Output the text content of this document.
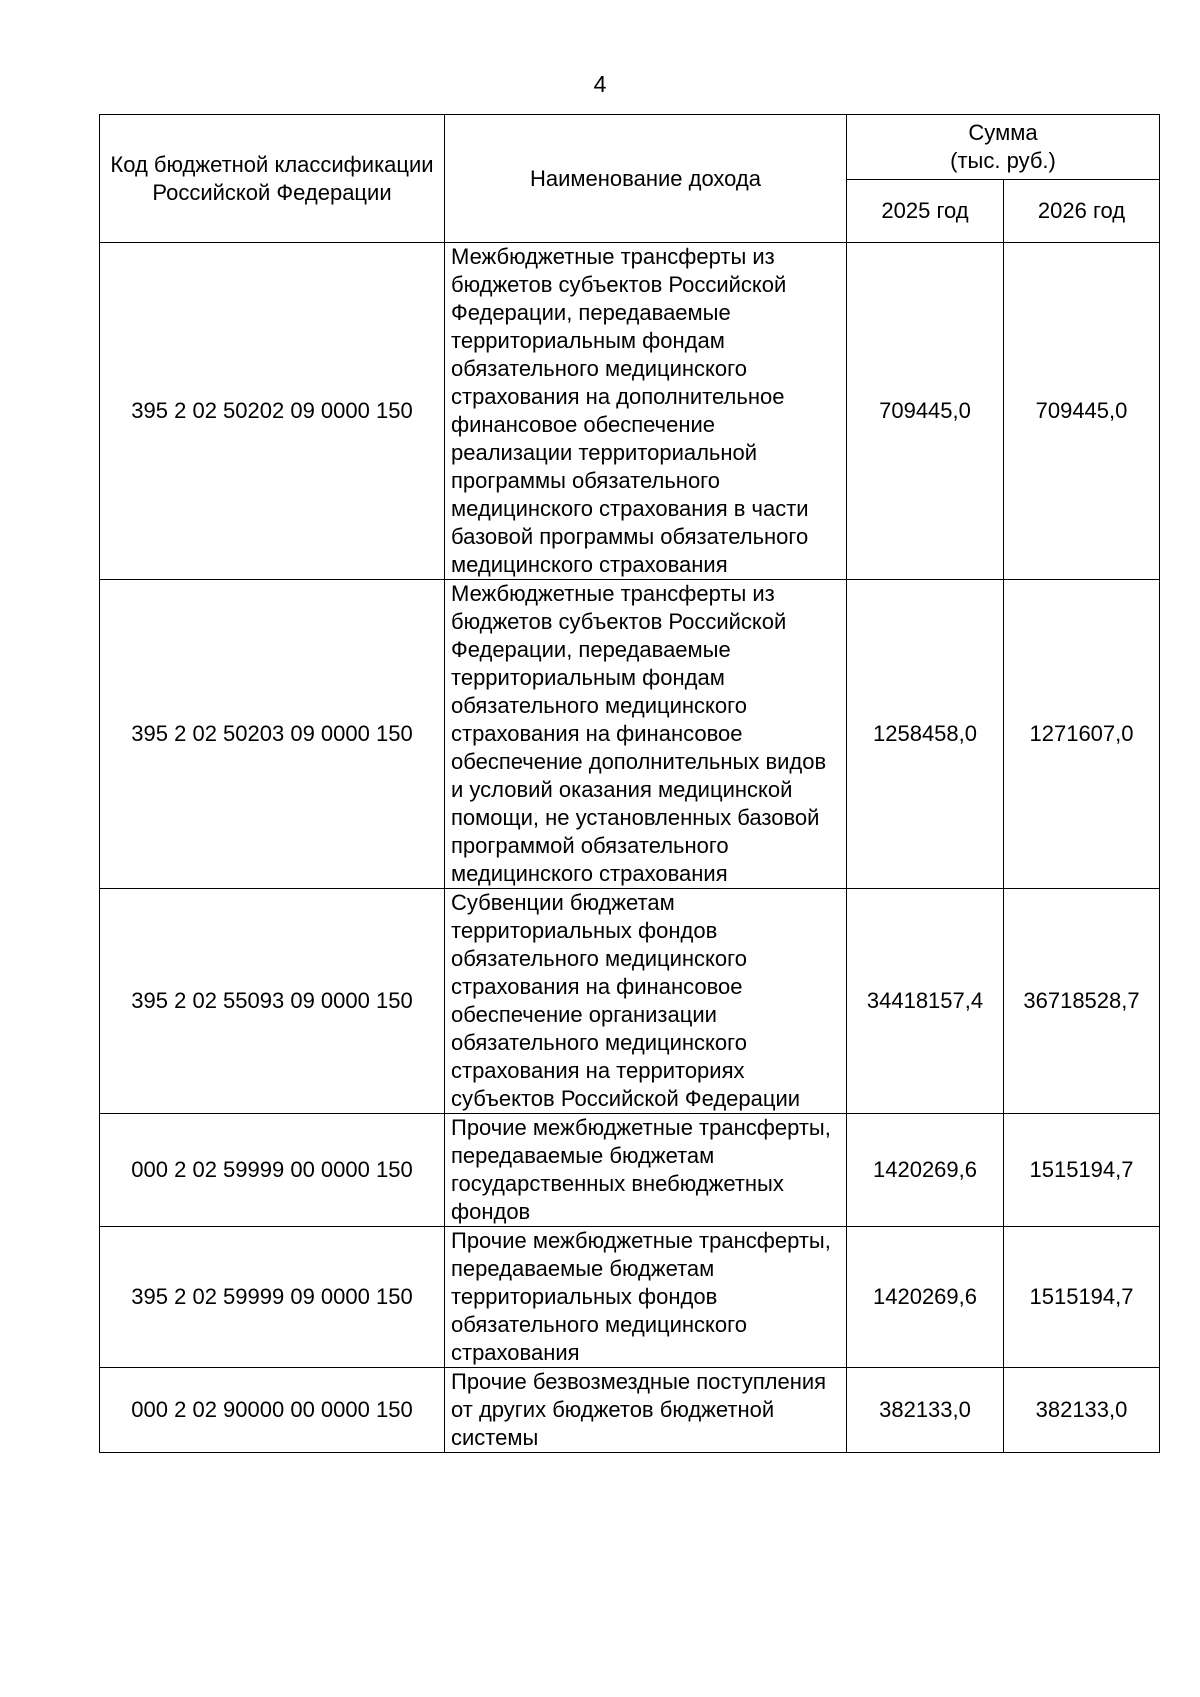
4
Код бюджетной классификации Российской Федерации	Наименование дохода	Сумма
(тыс. руб.)	

		2025 год	2026 год
395 2 02 50202 09 0000 150	Межбюджетные трансферты из бюджетов субъектов Российской Федерации, передаваемые территориальным фондам обязательного медицинского страхования на дополнительное финансовое обеспечение реализации территориальной программы обязательного медицинского страхования в части базовой программы обязательного медицинского страхования	709445,0	709445,0
395 2 02 50203 09 0000 150	Межбюджетные трансферты из бюджетов субъектов Российской Федерации, передаваемые территориальным фондам обязательного медицинского страхования на финансовое обеспечение дополнительных видов и условий оказания медицинской помощи, не установленных базовой программой обязательного медицинского страхования	1258458,0	1271607,0
395 2 02 55093 09 0000 150	Субвенции бюджетам территориальных фондов обязательного медицинского страхования на финансовое обеспечение организации обязательного медицинского страхования на территориях субъектов Российской Федерации	34418157,4	36718528,7
000 2 02 59999 00 0000 150	Прочие межбюджетные трансферты, передаваемые бюджетам государственных внебюджетных фондов	1420269,6	1515194,7
395 2 02 59999 09 0000 150	Прочие межбюджетные трансферты, передаваемые бюджетам территориальных фондов обязательного медицинского страхования	1420269,6	1515194,7
000 2 02 90000 00 0000 150	Прочие безвозмездные поступления от других бюджетов бюджетной системы	382133,0	382133,0
